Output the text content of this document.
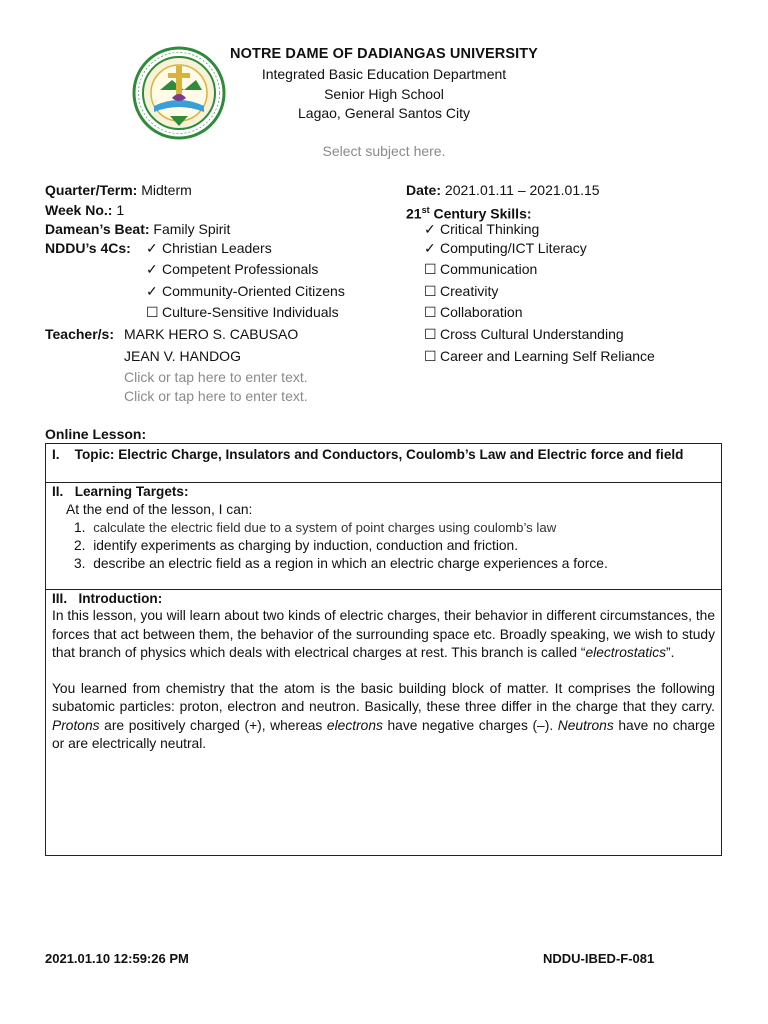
NOTRE DAME OF DADIANGAS UNIVERSITY
Integrated Basic Education Department
Senior High School
Lagao, General Santos City
Select subject here.
Quarter/Term: Midterm
Week No.: 1
Damean’s Beat: Family Spirit
NDDU’s 4Cs: ✓ Christian Leaders
✓ Competent Professionals
✓ Community-Oriented Citizens
☐ Culture-Sensitive Individuals
Teacher/s: MARK HERO S. CABUSAO
JEAN V. HANDOG
Click or tap here to enter text.
Click or tap here to enter text.
Date: 2021.01.11 – 2021.01.15
21st Century Skills:
✓ Critical Thinking
✓ Computing/ICT Literacy
☐ Communication
☐ Creativity
☐ Collaboration
☐ Cross Cultural Understanding
☐ Career and Learning Self Reliance
Online Lesson:
I. Topic: Electric Charge, Insulators and Conductors, Coulomb’s Law and Electric force and field
II. Learning Targets:
At the end of the lesson, I can:
1. calculate the electric field due to a system of point charges using coulomb’s law
2. identify experiments as charging by induction, conduction and friction.
3. describe an electric field as a region in which an electric charge experiences a force.
III. Introduction:
In this lesson, you will learn about two kinds of electric charges, their behavior in different circumstances, the forces that act between them, the behavior of the surrounding space etc. Broadly speaking, we wish to study that branch of physics which deals with electrical charges at rest. This branch is called “electrostatics”.
You learned from chemistry that the atom is the basic building block of matter. It comprises the following subatomic particles: proton, electron and neutron. Basically, these three differ in the charge that they carry. Protons are positively charged (+), whereas electrons have negative charges (–). Neutrons have no charge or are electrically neutral.
2021.01.10 12:59:26 PM	NDDU-IBED-F-081
